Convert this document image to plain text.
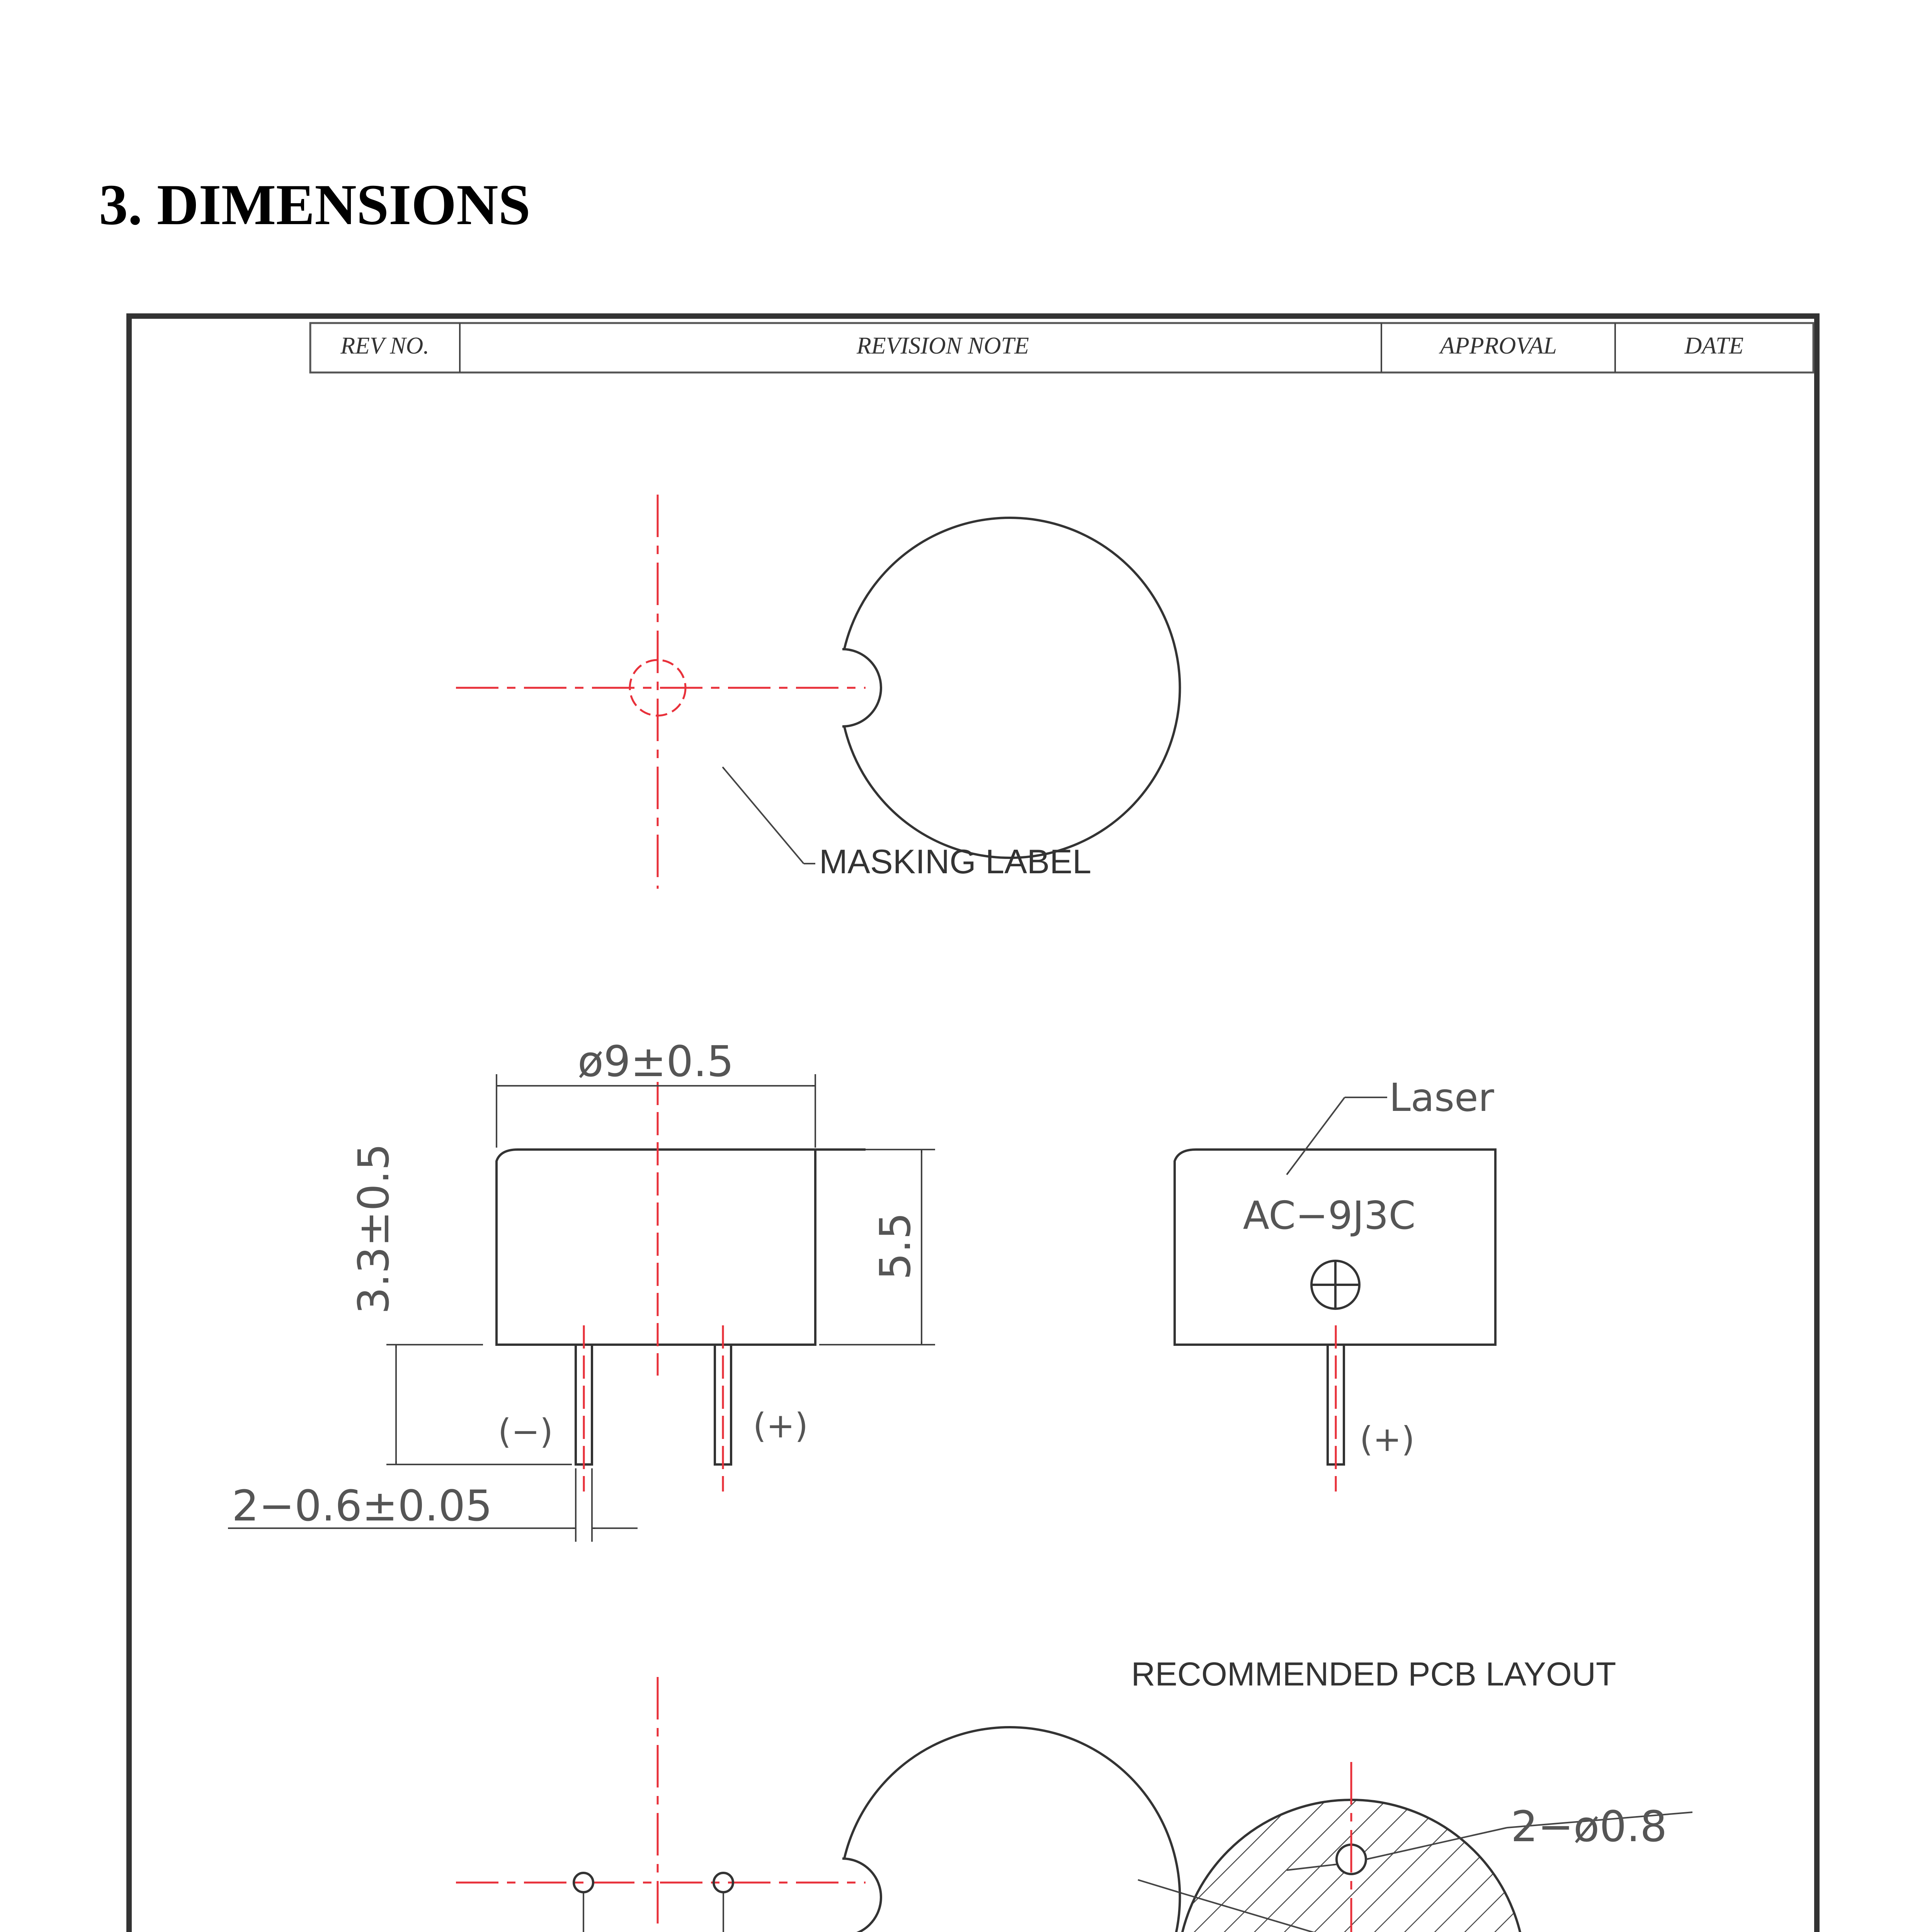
3. DIMENSIONS
REV NO.	REVISION NOTE	APPROVAL	DATE
MASKING LABEL
ø9±0.5
5.5
3.3±0.5
(−)	(+)
2−0.6±0.05
Laser
AC−9J3C
(+)
RECOMMENDED PCB LAYOUT
2−ø0.8
